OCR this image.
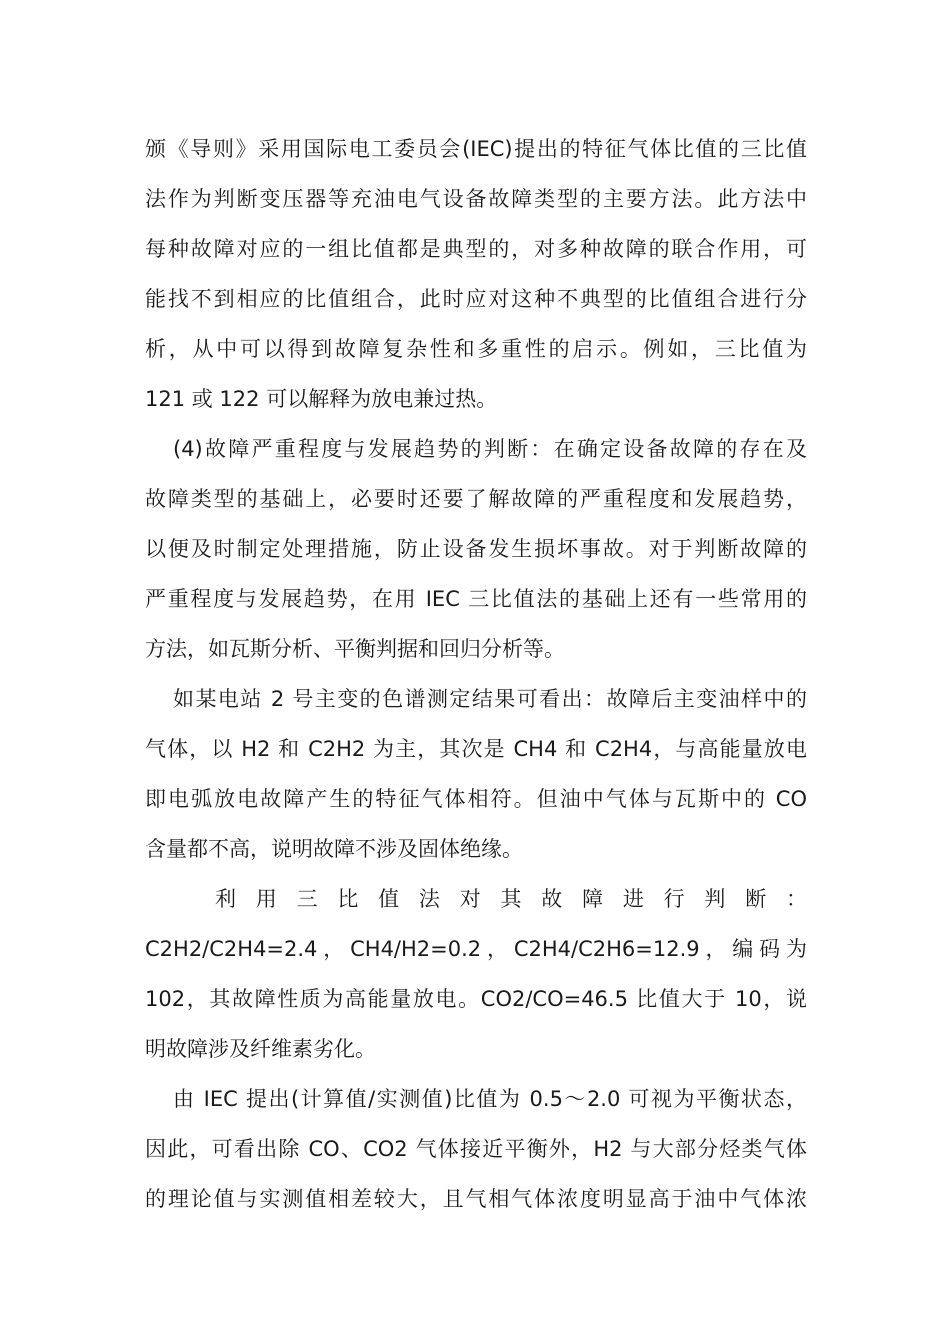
颁《导则》采用国际电工委员会(IEC)提出的特征气体比值的三比值
法作为判断变压器等充油电气设备故障类型的主要方法。此方法中
每种故障对应的一组比值都是典型的，对多种故障的联合作用，可
能找不到相应的比值组合，此时应对这种不典型的比值组合进行分
析，从中可以得到故障复杂性和多重性的启示。例如，三比值为
121 或 122 可以解释为放电兼过热。
(4)故障严重程度与发展趋势的判断：在确定设备故障的存在及
故障类型的基础上，必要时还要了解故障的严重程度和发展趋势，
以便及时制定处理措施，防止设备发生损坏事故。对于判断故障的
严重程度与发展趋势，在用 IEC 三比值法的基础上还有一些常用的
方法，如瓦斯分析、平衡判据和回归分析等。
如某电站 2 号主变的色谱测定结果可看出：故障后主变油样中的
气体，以 H2 和 C2H2 为主，其次是 CH4 和 C2H4，与高能量放电
即电弧放电故障产生的特征气体相符。但油中气体与瓦斯中的 CO
含量都不高，说明故障不涉及固体绝缘。
利 用 三 比 值 法 对 其 故 障 进 行 判 断 ：
C2H2/C2H4=2.4，CH4/H2=0.2，C2H4/C2H6=12.9，编码为
102，其故障性质为高能量放电。CO2/CO=46.5 比值大于 10，说
明故障涉及纤维素劣化。
由 IEC 提出(计算值/实测值)比值为 0.5～2.0 可视为平衡状态，
因此，可看出除 CO、CO2 气体接近平衡外，H2 与大部分烃类气体
的理论值与实测值相差较大，且气相气体浓度明显高于油中气体浓
